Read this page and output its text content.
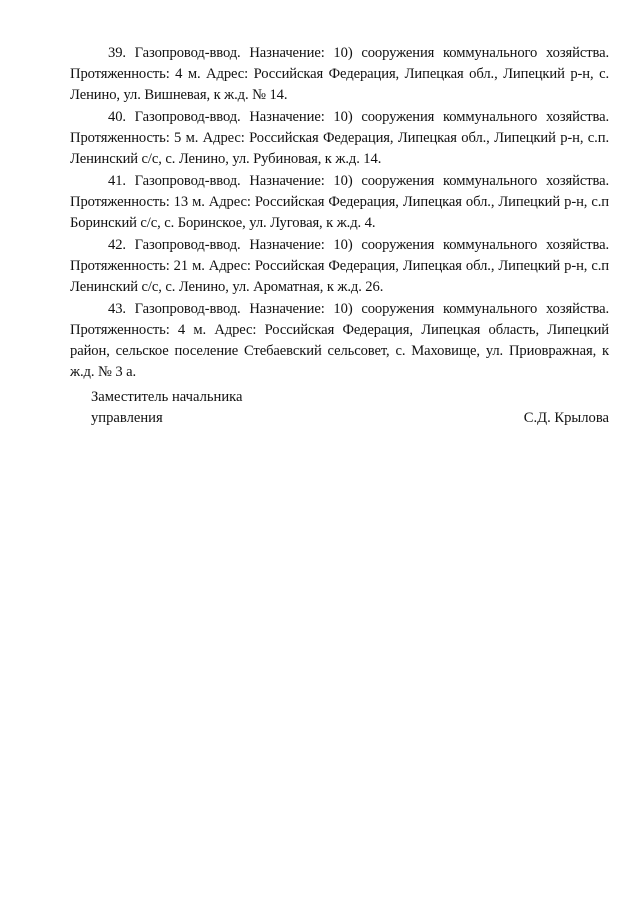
39. Газопровод-ввод. Назначение: 10) сооружения коммунального хозяйства. Протяженность: 4 м. Адрес: Российская Федерация, Липецкая обл., Липецкий р-н, с. Ленино, ул. Вишневая, к ж.д. № 14.

40. Газопровод-ввод. Назначение: 10) сооружения коммунального хозяйства. Протяженность: 5 м. Адрес: Российская Федерация, Липецкая обл., Липецкий р-н, с.п. Ленинский с/с, с. Ленино, ул. Рубиновая, к ж.д. 14.

41. Газопровод-ввод. Назначение: 10) сооружения коммунального хозяйства. Протяженность: 13 м. Адрес: Российская Федерация, Липецкая обл., Липецкий р-н, с.п Боринский с/с, с. Боринское, ул. Луговая, к ж.д. 4.

42. Газопровод-ввод. Назначение: 10) сооружения коммунального хозяйства. Протяженность: 21 м. Адрес: Российская Федерация, Липецкая обл., Липецкий р-н, с.п Ленинский с/с, с. Ленино, ул. Ароматная, к ж.д. 26.

43. Газопровод-ввод. Назначение: 10) сооружения коммунального хозяйства. Протяженность: 4 м. Адрес: Российская Федерация, Липецкая область, Липецкий район, сельское поселение Стебаевский сельсовет, с. Маховище, ул. Приовражная, к ж.д. № 3 а.

Заместитель начальника
управления	С.Д. Крылова
